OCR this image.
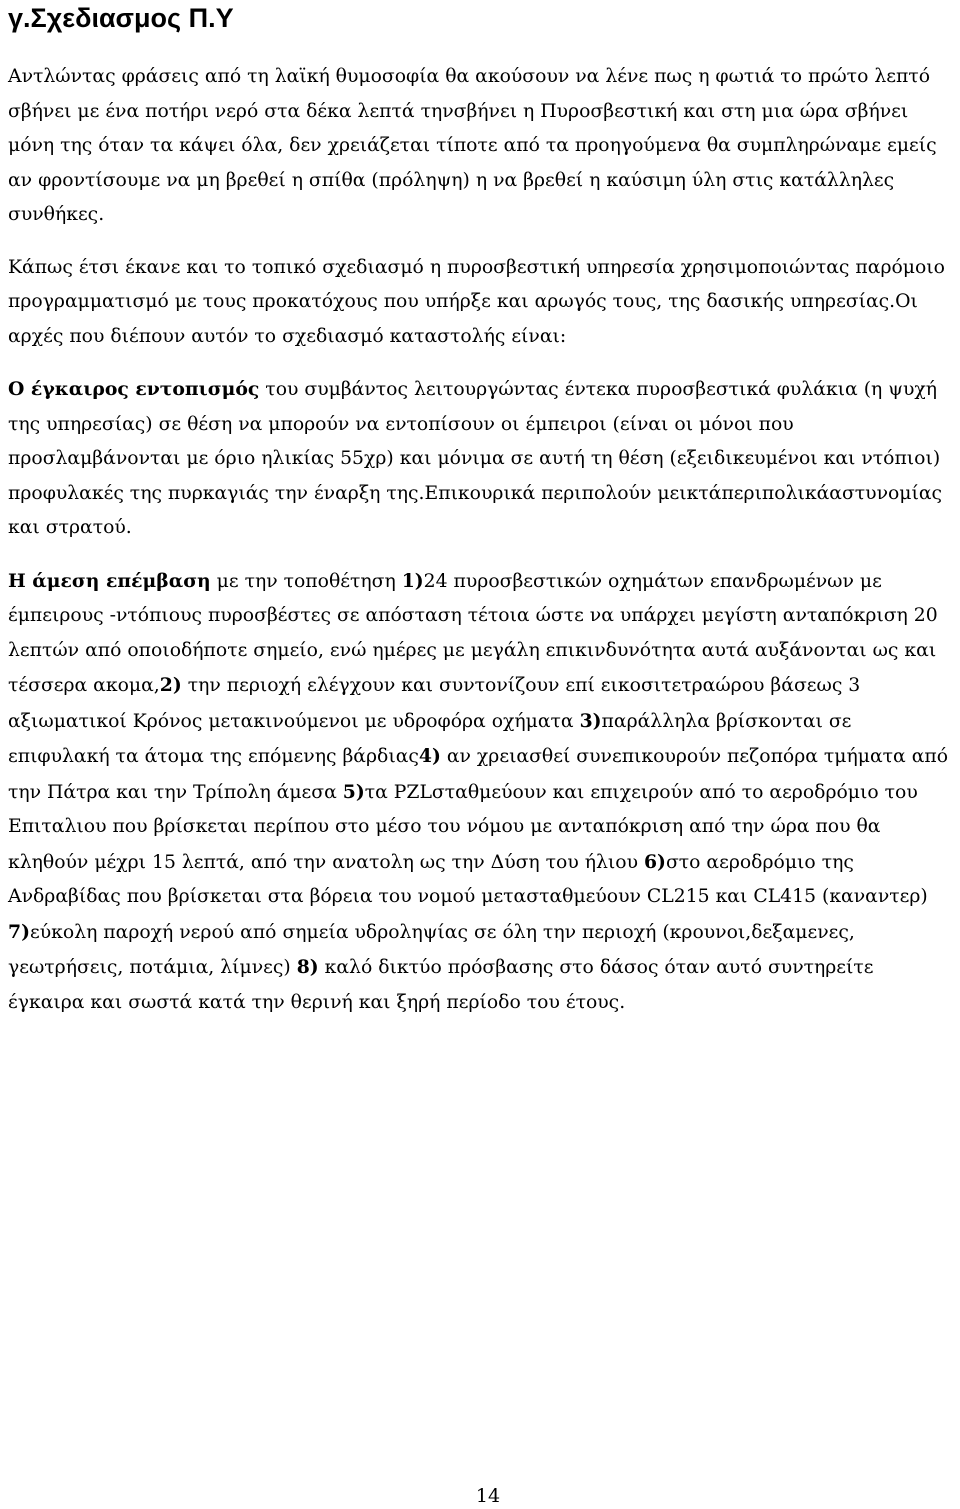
γ.Σχεδιασμος Π.Υ

Αντλώντας φράσεις από τη λαϊκή θυμοσοφία θα ακούσουν να λένε πως η φωτιά το πρώτο λεπτό σβήνει με ένα ποτήρι νερό στα δέκα λεπτά τηνσβήνει η Πυροσβεστική και στη μια ώρα σβήνει μόνη της όταν τα κάψει όλα, δεν χρειάζεται τίποτε από τα προηγούμενα θα συμπληρώναμε εμείς αν φροντίσουμε να μη βρεθεί η σπίθα (πρόληψη) η να βρεθεί η καύσιμη ύλη στις κατάλληλες συνθήκες.

Κάπως έτσι έκανε και το τοπικό σχεδιασμό η πυροσβεστική υπηρεσία χρησιμοποιώντας παρόμοιο προγραμματισμό με τους προκατόχους που υπήρξε και αρωγός τους, της δασικής υπηρεσίας.Οι αρχές που διέπουν αυτόν το σχεδιασμό καταστολής είναι:

Ο έγκαιρος εντοπισμός του συμβάντος λειτουργώντας έντεκα πυροσβεστικά φυλάκια (η ψυχή της υπηρεσίας) σε θέση να μπορούν να εντοπίσουν οι έμπειροι (είναι οι μόνοι που προσλαμβάνονται με όριο ηλικίας 55χρ) και μόνιμα σε αυτή τη θέση (εξειδικευμένοι και ντόπιοι) προφυλακές της πυρκαγιάς την έναρξη της.Επικουρικά περιπολούν μεικτάπεριπολικάαστυνομίας και στρατού.

Η άμεση επέμβαση με την τοποθέτηση 1)24 πυροσβεστικών οχημάτων επανδρωμένων με έμπειρους -ντόπιους πυροσβέστες σε απόσταση τέτοια ώστε να υπάρχει μεγίστη ανταπόκριση 20 λεπτών από οποιοδήποτε σημείο, ενώ ημέρες με μεγάλη επικινδυνότητα αυτά αυξάνονται ως και τέσσερα ακομα,2) την περιοχή ελέγχουν και συντονίζουν επί εικοσιτετραώρου βάσεως 3 αξιωματικοί Κρόνος μετακινούμενοι με υδροφόρα οχήματα 3)παράλληλα βρίσκονται σε επιφυλακή τα άτομα της επόμενης βάρδιας4) αν χρειασθεί συνεπικουρούν πεζοπόρα τμήματα από την Πάτρα και την Τρίπολη άμεσα 5)τα PZLσταθμεύουν και επιχειρούν από το αεροδρόμιο του Επιταλιου που βρίσκεται περίπου στο μέσο του νόμου με ανταπόκριση από την ώρα που θα κληθούν μέχρι 15 λεπτά, από την ανατολη ως την Δύση του ήλιου 6)στο αεροδρόμιο της Ανδραβίδας που βρίσκεται στα βόρεια του νομού μετασταθμεύουν CL215 και CL415 (καναντερ) 7)εύκολη παροχή νερού από σημεία υδροληψίας σε όλη την περιοχή (κρουνοι,δεξαμενες, γεωτρήσεις, ποτάμια, λίμνες) 8) καλό δικτύο πρόσβασης στο δάσος όταν αυτό συντηρείτε έγκαιρα και σωστά κατά την θερινή και ξηρή περίοδο του έτους.

14
